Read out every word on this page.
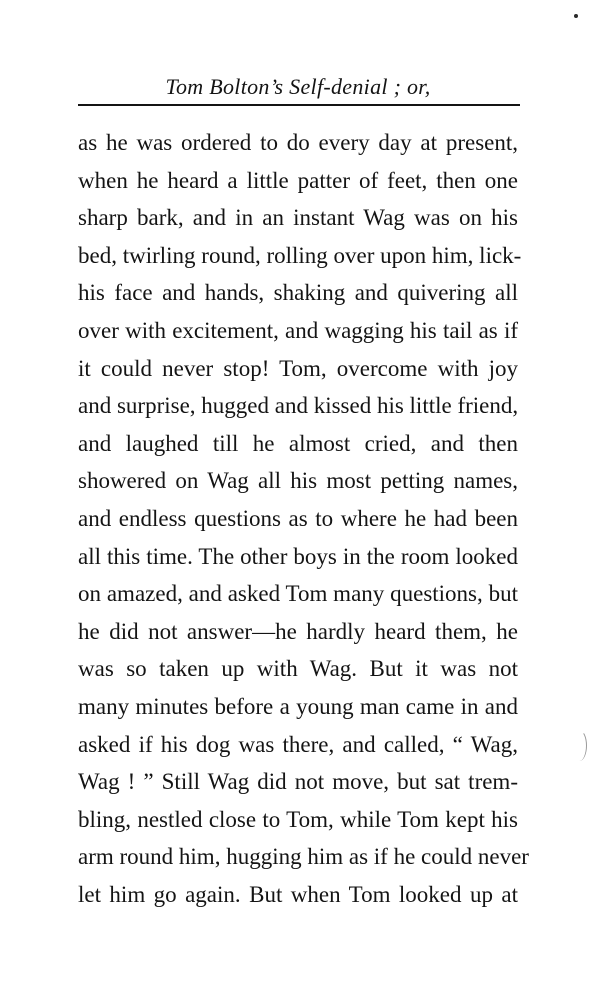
Tom Bolton’s Self-denial ; or,
as he was ordered to do every day at present,
when he heard a little patter of feet, then one
sharp bark, and in an instant Wag was on his
bed, twirling round, rolling over upon him, lick-
his face and hands, shaking and quivering all
over with excitement, and wagging his tail as if
it could never stop! Tom, overcome with joy
and surprise, hugged and kissed his little friend,
and laughed till he almost cried, and then
showered on Wag all his most petting names,
and endless questions as to where he had been
all this time. The other boys in the room looked
on amazed, and asked Tom many questions, but
he did not answer—he hardly heard them, he
was so taken up with Wag. But it was not
many minutes before a young man came in and
asked if his dog was there, and called, “ Wag,
Wag ! ” Still Wag did not move, but sat trem-
bling, nestled close to Tom, while Tom kept his
arm round him, hugging him as if he could never
let him go again. But when Tom looked up at
